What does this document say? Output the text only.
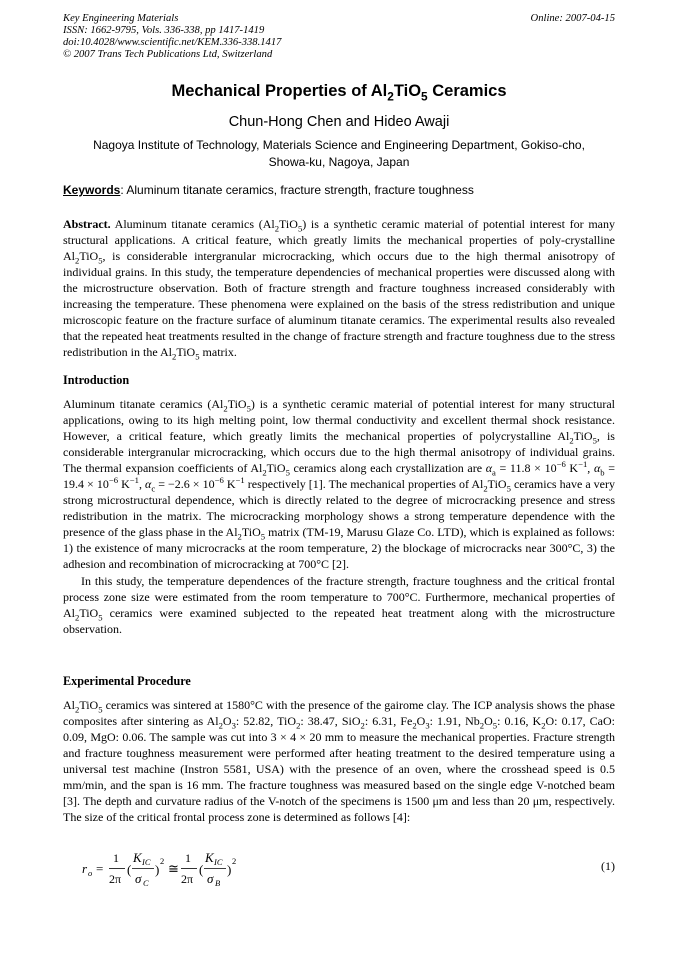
Key Engineering Materials
ISSN: 1662-9795, Vols. 336-338, pp 1417-1419
doi:10.4028/www.scientific.net/KEM.336-338.1417
© 2007 Trans Tech Publications Ltd, Switzerland
Online: 2007-04-15
Mechanical Properties of $Al_2TiO_5$ Ceramics
Chun-Hong Chen and Hideo Awaji
Nagoya Institute of Technology, Materials Science and Engineering Department, Gokiso-cho,
Showa-ku, Nagoya, Japan
Keywords: Aluminum titanate ceramics, fracture strength, fracture toughness
Abstract. Aluminum titanate ceramics $(Al_2TiO_5)$ is a synthetic ceramic material of potential interest for many structural applications. A critical feature, which greatly limits the mechanical properties of poly-crystalline $Al_2TiO_5$, is considerable intergranular microcracking, which occurs due to the high thermal anisotropy of individual grains. In this study, the temperature dependencies of mechanical properties were discussed along with the microstructure observation. Both of fracture strength and fracture toughness increased considerably with increasing the temperature. These phenomena were explained on the basis of the stress redistribution and unique microscopic feature on the fracture surface of aluminum titanate ceramics. The experimental results also revealed that the repeated heat treatments resulted in the change of fracture strength and fracture toughness due to the stress redistribution in the $Al_2TiO_5$ matrix.
Introduction

Aluminum titanate ceramics $(Al_2TiO_5)$ is a synthetic ceramic material of potential interest for many structural applications, owing to its high melting point, low thermal conductivity and excellent thermal shock resistance. However, a critical feature, which greatly limits the mechanical properties of polycrystalline $Al_2TiO_5$, is considerable intergranular microcracking, which occurs due to the high thermal anisotropy of individual grains. The thermal expansion coefficients of $Al_2TiO_5$ ceramics along each crystallization are $\alpha_a = 11.8 \times 10^{-6}$ $K^{-1}$, $\alpha_b = 19.4 \times 10^{-6}$ $K^{-1}$, $\alpha_c = -2.6 \times 10^{-6}$ $K^{-1}$ respectively [1]. The mechanical properties of $Al_2TiO_5$ ceramics have a very strong microstructural dependence, which is directly related to the degree of microcracking presence and stress redistribution in the matrix. The microcracking morphology shows a strong temperature dependence with the presence of the glass phase in the $Al_2TiO_5$ matrix (TM-19, Marusu Glaze Co. LTD), which is explained as follows: 1) the existence of many microcracks at the room temperature, 2) the blockage of microcracks near 300°C, 3) the adhesion and recombination of microcracking at 700°C [2].

In this study, the temperature dependences of the fracture strength, fracture toughness and the critical frontal process zone size were estimated from the room temperature to 700°C. Furthermore, mechanical properties of $Al_2TiO_5$ ceramics were examined subjected to the repeated heat treatment along with the microstructure observation.

Experimental Procedure

$Al_2TiO_5$ ceramics was sintered at 1580°C with the presence of the gairome clay. The ICP analysis shows the phase composites after sintering as $Al_2O_3$: 52.82, TiO$_2$: 38.47, SiO$_2$: 6.31, $Fe_2O_3$: 1.91, $Nb_2O_5$: 0.16, $K_2O$: 0.17, CaO: 0.09, MgO: 0.06. The sample was cut into 3 × 4 × 20 mm to measure the mechanical properties. Fracture strength and fracture toughness measurement were performed after heating treatment to the desired temperature using a universal test machine (Instron 5581, USA) with the presence of an oven, where the crosshead speed is 0.5 mm/min, and the span is 16 mm. The fracture toughness was measured based on the single edge V-notched beam [3]. The depth and curvature radius of the V-notch of the specimens is 1500 μm and less than 20 μm, respectively. The size of the critical frontal process zone is determined as follows [4]:

r o =
1
2π
(
K IC
σ C
)
2 ≅
1
2π
(
K IC
σ B
)
2	(1)
